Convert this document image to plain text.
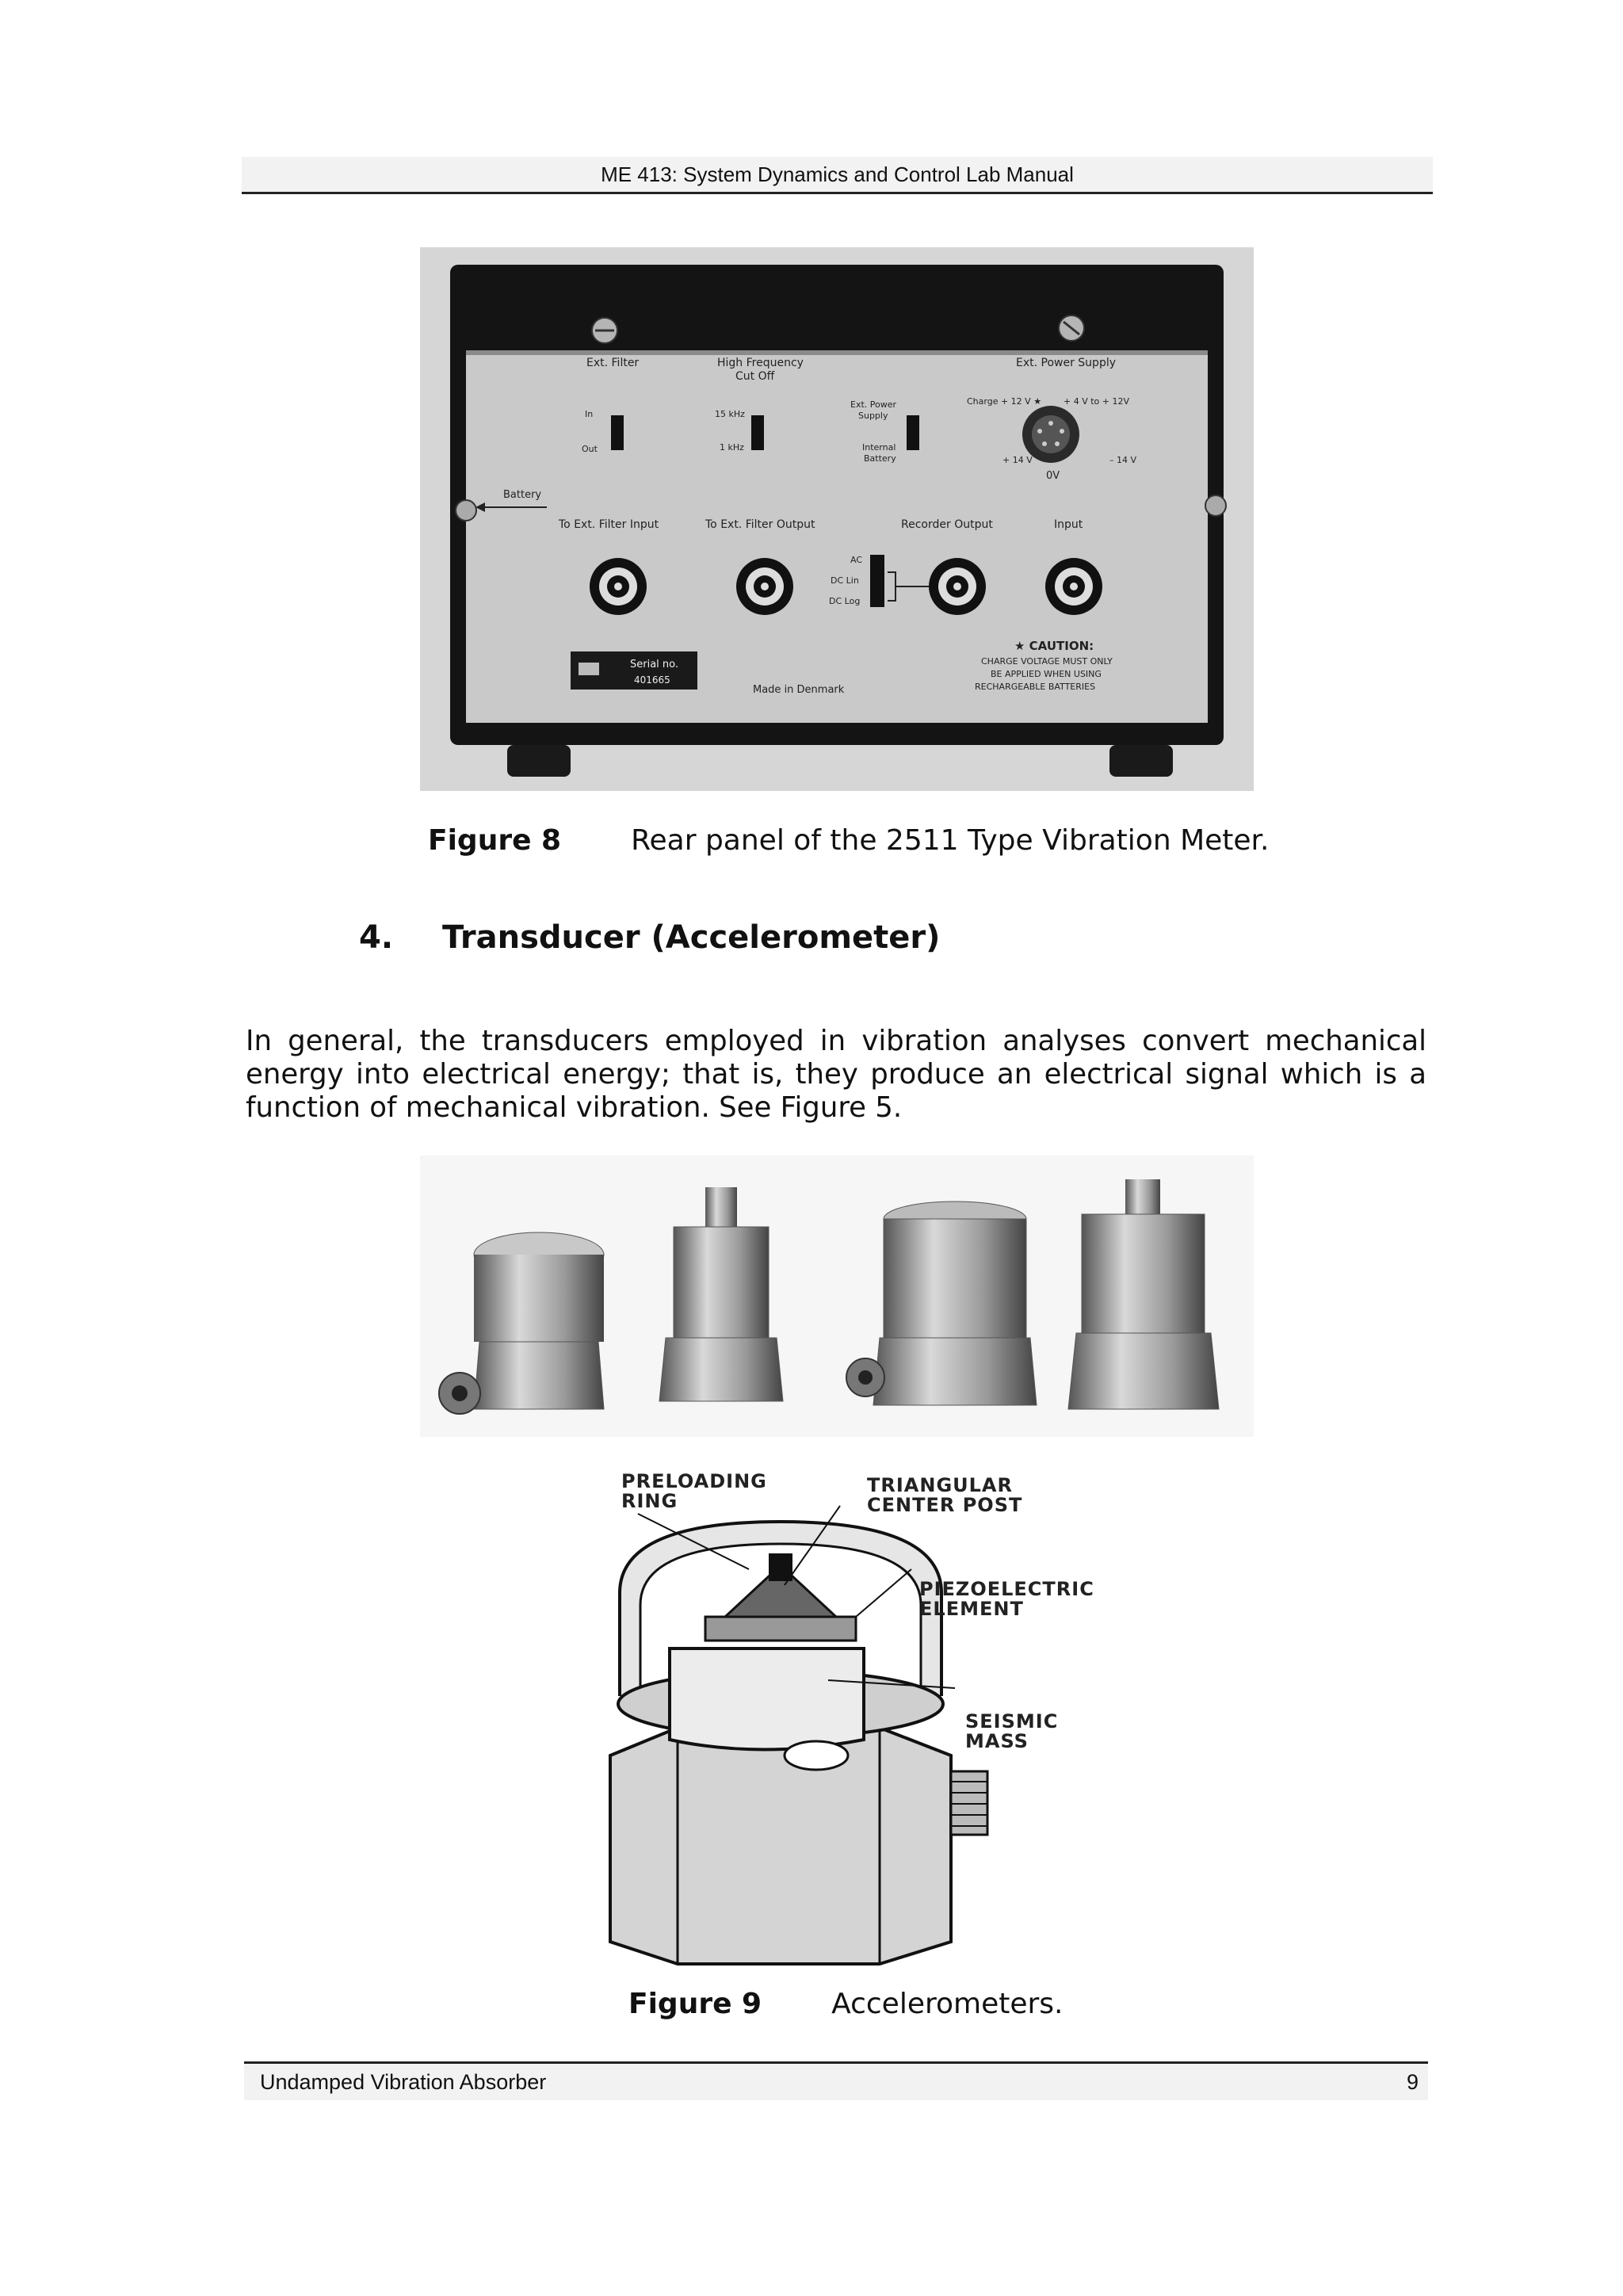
ME 413: System Dynamics and Control Lab Manual
Ext. Filter	High Frequency
Cut Off
Ext. Power Supply
In
Out
15 kHz
1 kHz
Ext. Power
Supply
Internal
Battery
Charge + 12 V ★	+ 4 V to + 12V
+ 14 V	– 14 V
0V
Battery
To Ext. Filter Input	To Ext. Filter Output	Recorder Output	Input
AC
DC Lin
DC Log
Made in Denmark
★ CAUTION:
CHARGE VOLTAGE MUST ONLY
BE APPLIED WHEN USING
RECHARGEABLE BATTERIES
Serial no.
401665
Figure 8 Rear panel of the 2511 Type Vibration Meter.
4. Transducer (Accelerometer)
In general, the transducers employed in vibration analyses convert mechanical energy into electrical energy; that is, they produce an electrical signal which is a function of mechanical vibration. See Figure 5.
PRELOADING
RING
TRIANGULAR
CENTER POST
PIEZOELECTRIC
ELEMENT
SEISMIC
MASS
Figure 9 Accelerometers.
Undamped Vibration Absorber	9
